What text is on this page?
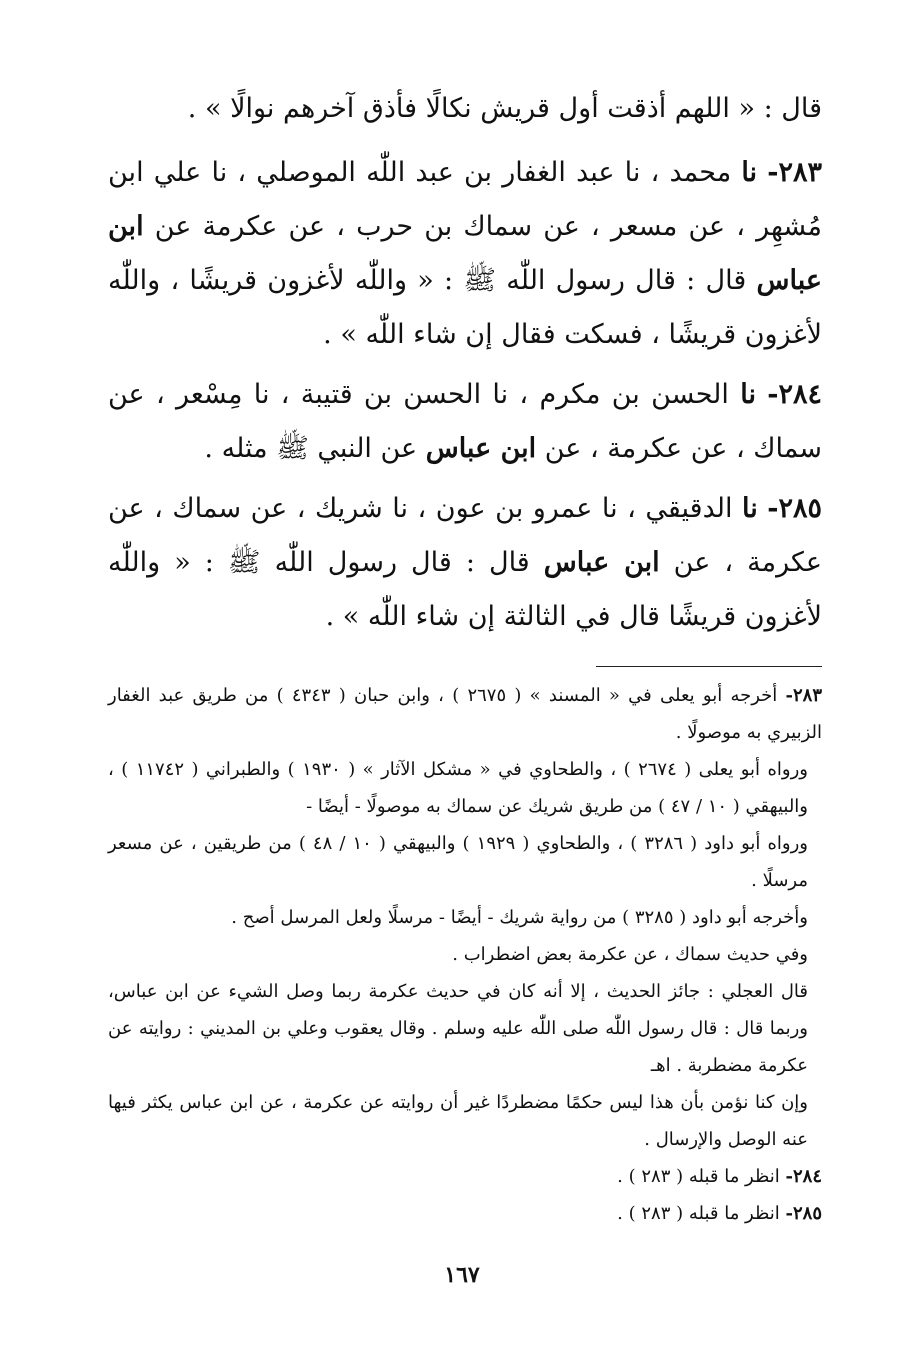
قال : « اللهم أذقت أول قريش نكالًا فأذق آخرهم نوالًا » .

٢٨٣- نا محمد ، نا عبد الغفار بن عبد اللّٰه الموصلي ، نا علي ابن مُشهِر ، عن مسعر ، عن سماك بن حرب ، عن عكرمة عن ابن عباس قال : قال رسول اللّٰه ﷺ : « واللّٰه لأغزون قريشًا ، واللّٰه لأغزون قريشًا ، فسكت فقال إن شاء اللّٰه » .

٢٨٤- نا الحسن بن مكرم ، نا الحسن بن قتيبة ، نا مِسْعر ، عن سماك ، عن عكرمة ، عن ابن عباس عن النبي ﷺ مثله .

٢٨٥- نا الدقيقي ، نا عمرو بن عون ، نا شريك ، عن سماك ، عن عكرمة ، عن ابن عباس قال : قال رسول اللّٰه ﷺ : « واللّٰه لأغزون قريشًا قال في الثالثة إن شاء اللّٰه » .

٢٨٣- أخرجه أبو يعلى في « المسند » ( ٢٦٧٥ ) ، وابن حبان ( ٤٣٤٣ ) من طريق عبد الغفار الزبيري به موصولًا .

ورواه أبو يعلى ( ٢٦٧٤ ) ، والطحاوي في « مشكل الآثار » ( ١٩٣٠ ) والطبراني ( ١١٧٤٢ ) ، والبيهقي ( ١٠ / ٤٧ ) من طريق شريك عن سماك به موصولًا - أيضًا -

ورواه أبو داود ( ٣٢٨٦ ) ، والطحاوي ( ١٩٢٩ ) والبيهقي ( ١٠ / ٤٨ ) من طريقين ، عن مسعر مرسلًا .

وأخرجه أبو داود ( ٣٢٨٥ ) من رواية شريك - أيضًا - مرسلًا ولعل المرسل أصح .

وفي حديث سماك ، عن عكرمة بعض اضطراب .

قال العجلي : جائز الحديث ، إلا أنه كان في حديث عكرمة ربما وصل الشيء عن ابن عباس، وربما قال : قال رسول اللّٰه صلى اللّٰه عليه وسلم . وقال يعقوب وعلي بن المديني : روايته عن عكرمة مضطربة . اهـ

وإن كنا نؤمن بأن هذا ليس حكمًا مضطردًا غير أن روايته عن عكرمة ، عن ابن عباس يكثر فيها عنه الوصل والإرسال .

٢٨٤- انظر ما قبله ( ٢٨٣ ) .

٢٨٥- انظر ما قبله ( ٢٨٣ ) .

١٦٧
